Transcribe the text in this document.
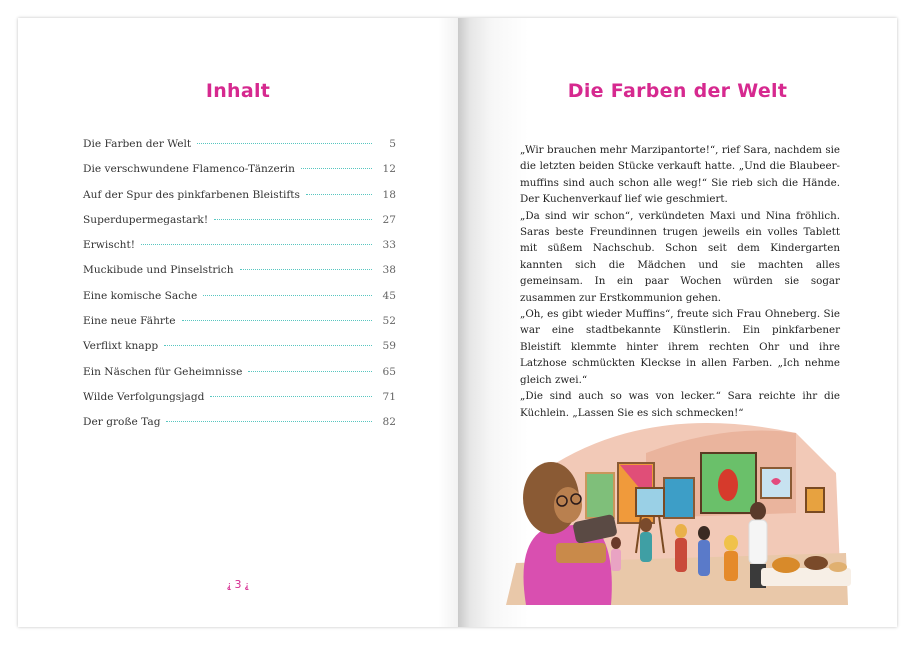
Inhalt
Die Farben der Welt	5
Die verschwundene Flamenco-Tänzerin	12
Auf der Spur des pinkfarbenen Bleistifts	18
Superdupermegastark!	27
Erwischt!	33
Muckibude und Pinselstrich	38
Eine komische Sache	45
Eine neue Fährte	52
Verflixt knapp	59
Ein Näschen für Geheimnisse	65
Wilde Verfolgungsjagd	71
Der große Tag	82
⸘ 3 ⸘
Die Farben der Welt

„Wir brauchen mehr Marzipantorte!“, rief Sara, nachdem sie die letzten beiden Stücke verkauft hatte. „Und die Blaubeermuffins sind auch schon alle weg!“ Sie rieb sich die Hände. Der Kuchenverkauf lief wie geschmiert.

„Da sind wir schon“, verkündeten Maxi und Nina fröhlich. Saras beste Freundinnen trugen jeweils ein volles Tablett mit süßem Nachschub. Schon seit dem Kindergarten kannten sich die Mädchen und sie machten alles gemeinsam. In ein paar Wochen würden sie sogar zusammen zur Erstkommunion gehen.

„Oh, es gibt wieder Muffins“, freute sich Frau Ohneberg. Sie war eine stadtbekannte Künstlerin. Ein pinkfarbener Bleistift klemmte hinter ihrem rechten Ohr und ihre Latzhose schmückten Kleckse in allen Farben. „Ich nehme gleich zwei.“

„Die sind auch so was von lecker.“ Sara reichte ihr die Küchlein. „Lassen Sie es sich schmecken!“
